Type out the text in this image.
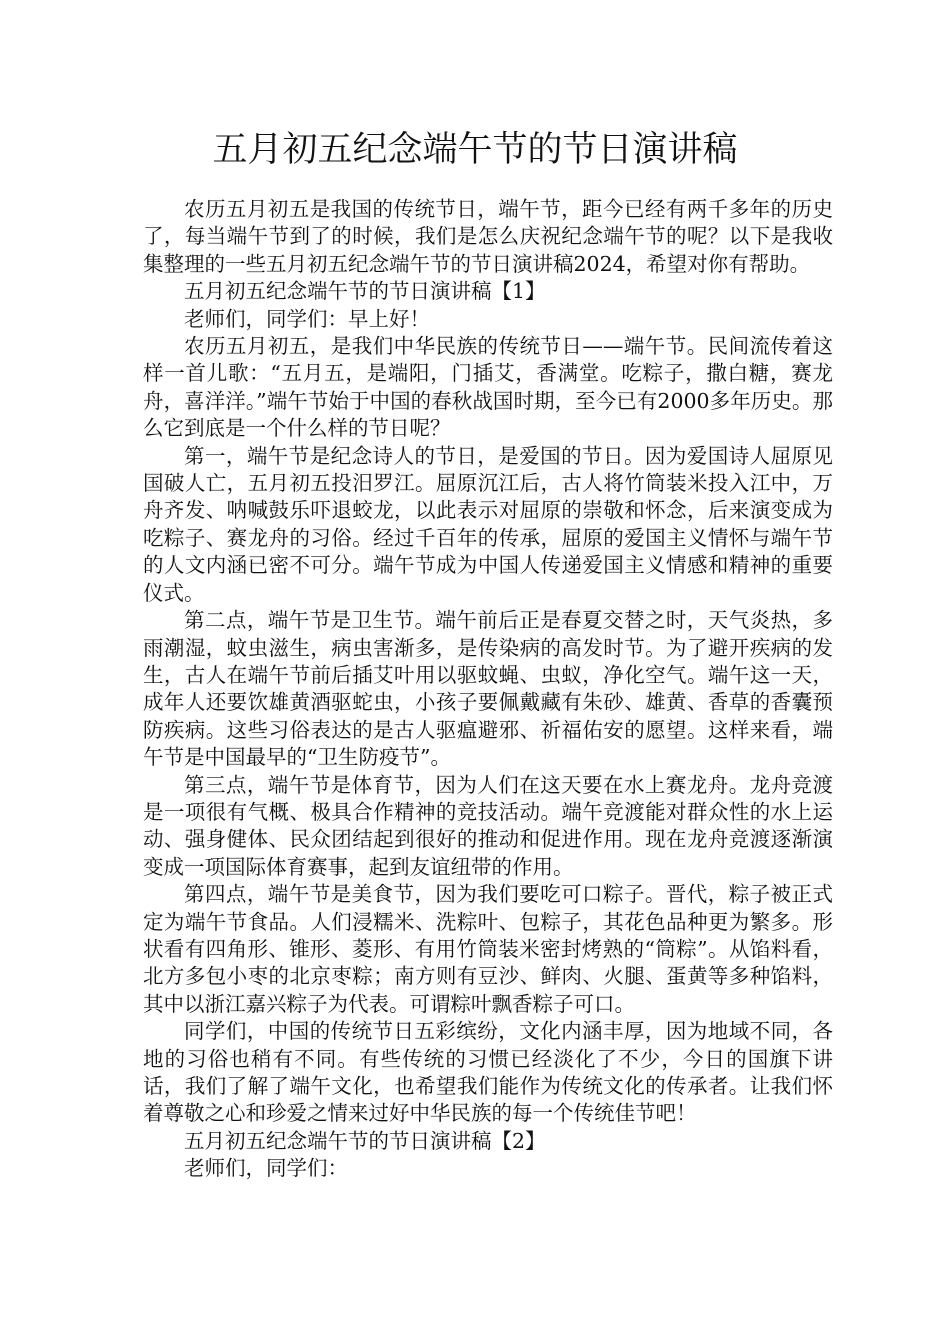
五月初五纪念端午节的节日演讲稿

农历五月初五是我国的传统节日，端午节，距今已经有两千多年的历史了，每当端午节到了的时候，我们是怎么庆祝纪念端午节的呢？以下是我收集整理的一些五月初五纪念端午节的节日演讲稿2024，希望对你有帮助。

五月初五纪念端午节的节日演讲稿【1】

老师们，同学们：早上好！

农历五月初五，是我们中华民族的传统节日——端午节。民间流传着这样一首儿歌：“五月五，是端阳，门插艾，香满堂。吃粽子，撒白糖，赛龙舟，喜洋洋。”端午节始于中国的春秋战国时期，至今已有2000多年历史。那么它到底是一个什么样的节日呢？

第一，端午节是纪念诗人的节日，是爱国的节日。因为爱国诗人屈原见国破人亡，五月初五投汨罗江。屈原沉江后，古人将竹筒装米投入江中，万舟齐发、呐喊鼓乐吓退蛟龙，以此表示对屈原的崇敬和怀念，后来演变成为吃粽子、赛龙舟的习俗。经过千百年的传承，屈原的爱国主义情怀与端午节的人文内涵已密不可分。端午节成为中国人传递爱国主义情感和精神的重要仪式。

第二点，端午节是卫生节。端午前后正是春夏交替之时，天气炎热，多雨潮湿，蚊虫滋生，病虫害渐多，是传染病的高发时节。为了避开疾病的发生，古人在端午节前后插艾叶用以驱蚊蝇、虫蚁，净化空气。端午这一天，成年人还要饮雄黄酒驱蛇虫，小孩子要佩戴藏有朱砂、雄黄、香草的香囊预防疾病。这些习俗表达的是古人驱瘟避邪、祈福佑安的愿望。这样来看，端午节是中国最早的“卫生防疫节”。

第三点，端午节是体育节，因为人们在这天要在水上赛龙舟。龙舟竞渡是一项很有气概、极具合作精神的竞技活动。端午竞渡能对群众性的水上运动、强身健体、民众团结起到很好的推动和促进作用。现在龙舟竞渡逐渐演变成一项国际体育赛事，起到友谊纽带的作用。

第四点，端午节是美食节，因为我们要吃可口粽子。晋代，粽子被正式定为端午节食品。人们浸糯米、洗粽叶、包粽子，其花色品种更为繁多。形状看有四角形、锥形、菱形、有用竹筒装米密封烤熟的“筒粽”。从馅料看，北方多包小枣的北京枣粽；南方则有豆沙、鲜肉、火腿、蛋黄等多种馅料，其中以浙江嘉兴粽子为代表。可谓粽叶飘香粽子可口。

同学们，中国的传统节日五彩缤纷，文化内涵丰厚，因为地域不同，各地的习俗也稍有不同。有些传统的习惯已经淡化了不少，今日的国旗下讲话，我们了解了端午文化，也希望我们能作为传统文化的传承者。让我们怀着尊敬之心和珍爱之情来过好中华民族的每一个传统佳节吧！

五月初五纪念端午节的节日演讲稿【2】

老师们，同学们：
